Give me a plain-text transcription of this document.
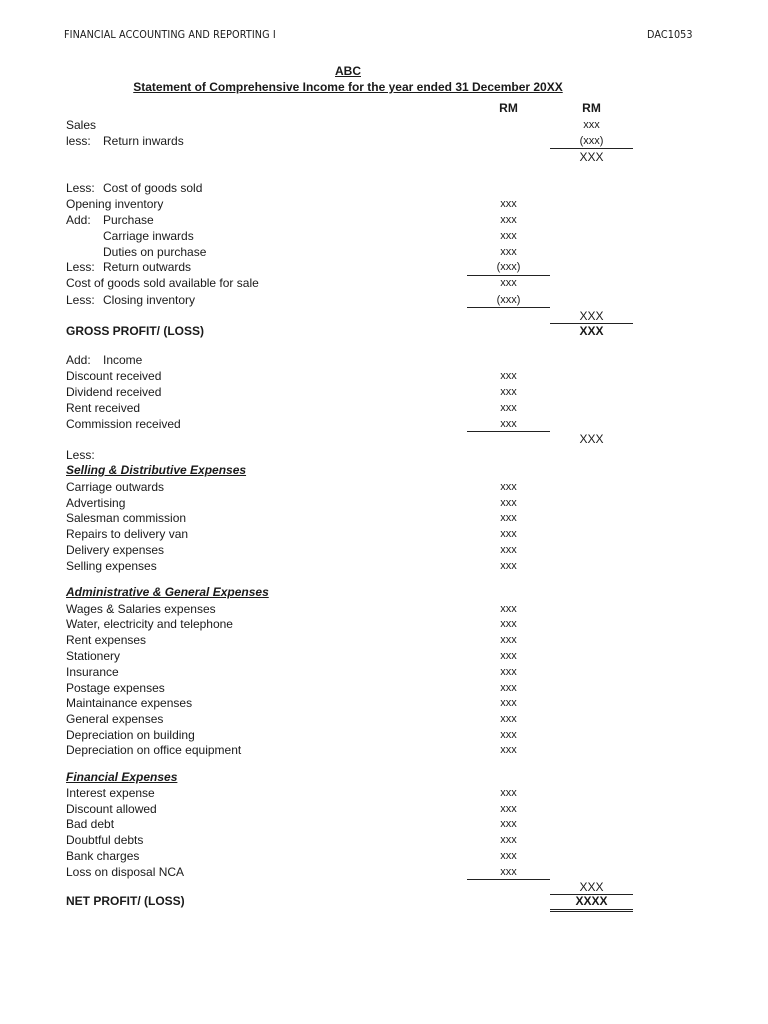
FINANCIAL ACCOUNTING AND REPORTING I	DAC1053
ABC
Statement of Comprehensive Income for the year ended 31 December 20XX
RM	RM
Sales	xxx
less: Return inwards	(xxx)
XXX
Less: Cost of goods sold
Opening inventory	xxx
Add: Purchase	xxx
Carriage inwards	xxx
Duties on purchase	xxx
Less: Return outwards	(xxx)
Cost of goods sold available for sale	xxx
Less: Closing inventory	(xxx)
XXX
GROSS PROFIT/ (LOSS)	XXX
Add: Income
Discount received	xxx
Dividend received	xxx
Rent received	xxx
Commission received	xxx
XXX
Less:
Selling & Distributive Expenses
Carriage outwards	xxx
Advertising	xxx
Salesman commission	xxx
Repairs to delivery van	xxx
Delivery expenses	xxx
Selling expenses	xxx
Administrative & General Expenses
Wages & Salaries expenses	xxx
Water, electricity and telephone	xxx
Rent expenses	xxx
Stationery	xxx
Insurance	xxx
Postage expenses	xxx
Maintainance expenses	xxx
General expenses	xxx
Depreciation on building	xxx
Depreciation on office equipment	xxx
Financial Expenses
Interest expense	xxx
Discount allowed	xxx
Bad debt	xxx
Doubtful debts	xxx
Bank charges	xxx
Loss on disposal NCA	xxx
XXX
NET PROFIT/ (LOSS)	XXXX
